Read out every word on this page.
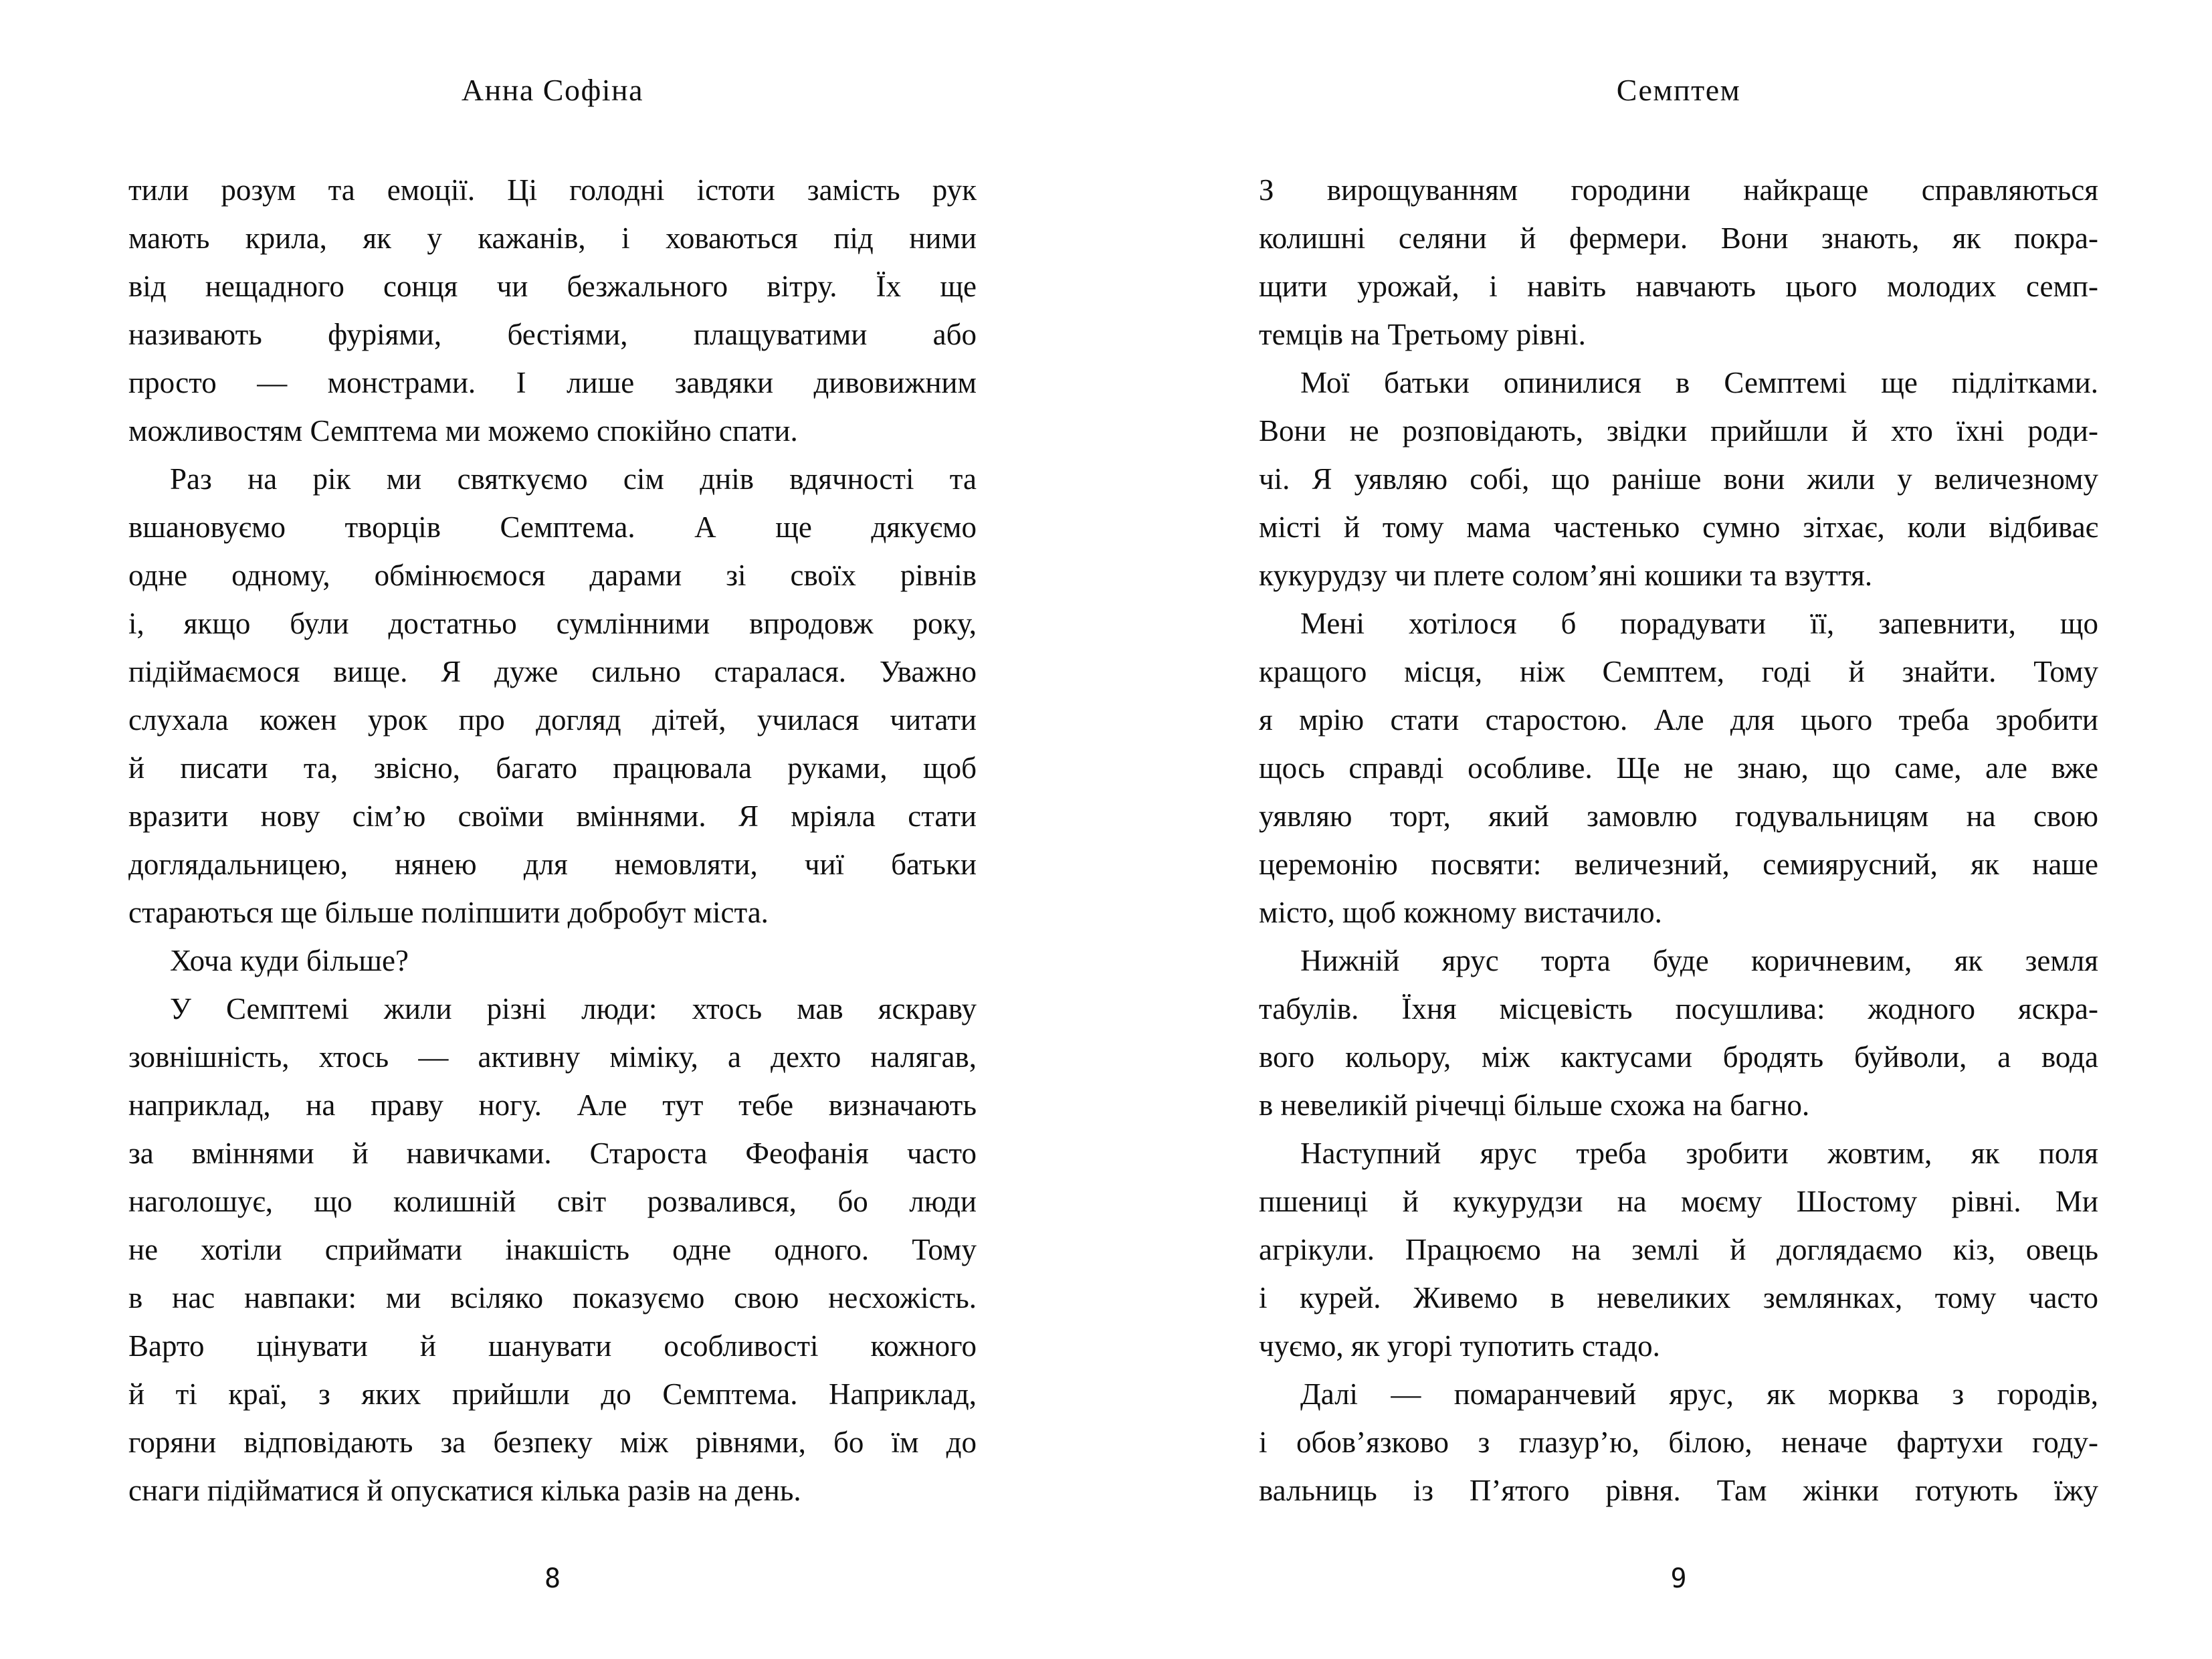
Анна Софіна
тили розум та емоції. Ці голодні істоти замість рук
мають крила, як у кажанів, і ховаються під ними
від нещадного сонця чи безжального вітру. Їх ще
називають фуріями, бестіями, плащуватими або
просто — монстрами. І лише завдяки дивовижним
можливостям Семптема ми можемо спокійно спати.
Раз на рік ми святкуємо сім днів вдячності та
вшановуємо творців Семптема. А ще дякуємо
одне одному, обмінюємося дарами зі своїх рівнів
і, якщо були достатньо сумлінними впродовж року,
підіймаємося вище. Я дуже сильно старалася. Уважно
слухала кожен урок про догляд дітей, училася читати
й писати та, звісно, багато працювала руками, щоб
вразити нову сім’ю своїми вміннями. Я мріяла стати
доглядальницею, нянею для немовляти, чиї батьки
стараються ще більше поліпшити добробут міста.
Хоча куди більше?
У Семптемі жили різні люди: хтось мав яскраву
зовнішність, хтось — активну міміку, а дехто налягав,
наприклад, на праву ногу. Але тут тебе визначають
за вміннями й навичками. Староста Феофанія часто
наголошує, що колишній світ розвалився, бо люди
не хотіли сприймати інакшість одне одного. Тому
в нас навпаки: ми всіляко показуємо свою несхожість.
Варто цінувати й шанувати особливості кожного
й ті краї, з яких прийшли до Семптема. Наприклад,
горяни відповідають за безпеку між рівнями, бо їм до
снаги підійматися й опускатися кілька разів на день.
8
Семптем
З вирощуванням городини найкраще справляються
колишні селяни й фермери. Вони знають, як покра-
щити урожай, і навіть навчають цього молодих семп-
темців на Третьому рівні.
Мої батьки опинилися в Семптемі ще підлітками.
Вони не розповідають, звідки прийшли й хто їхні роди-
чі. Я уявляю собі, що раніше вони жили у величезному
місті й тому мама частенько сумно зітхає, коли відбиває
кукурудзу чи плете солом’яні кошики та взуття.
Мені хотілося б порадувати її, запевнити, що
кращого місця, ніж Семптем, годі й знайти. Тому
я мрію стати старостою. Але для цього треба зробити
щось справді особливе. Ще не знаю, що саме, але вже
уявляю торт, який замовлю годувальницям на свою
церемонію посвяти: величезний, семиярусний, як наше
місто, щоб кожному вистачило.
Нижній ярус торта буде коричневим, як земля
табулів. Їхня місцевість посушлива: жодного яскра-
вого кольору, між кактусами бродять буйволи, а вода
в невеликій річечці більше схожа на багно.
Наступний ярус треба зробити жовтим, як поля
пшениці й кукурудзи на моєму Шостому рівні. Ми
агрікули. Працюємо на землі й доглядаємо кіз, овець
і курей. Живемо в невеликих землянках, тому часто
чуємо, як угорі тупотить стадо.
Далі — помаранчевий ярус, як морква з городів,
і обов’язково з глазур’ю, білою, неначе фартухи году-
вальниць із П’ятого рівня. Там жінки готують їжу
9
